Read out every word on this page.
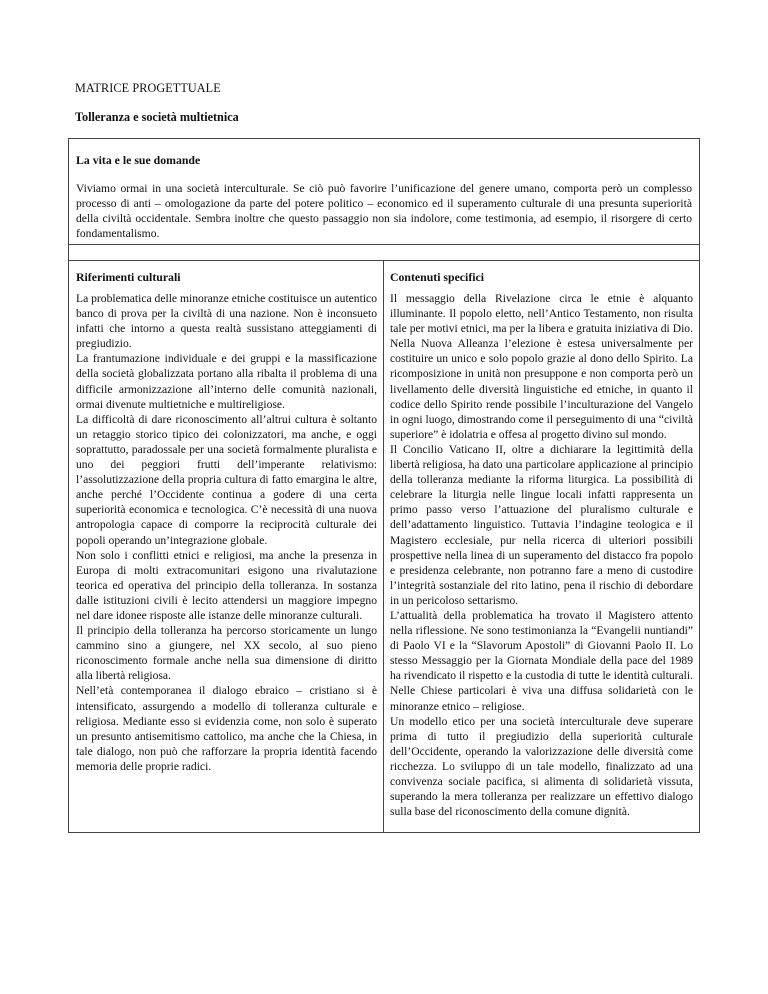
MATRICE PROGETTUALE
Tolleranza e società multietnica
La vita e le sue domande

Viviamo ormai in una società interculturale. Se ciò può favorire l’unificazione del genere umano, comporta però un complesso processo di anti – omologazione da parte del potere politico – economico ed il superamento culturale di una presunta superiorità della civiltà occidentale. Sembra inoltre che questo passaggio non sia indolore, come testimonia, ad esempio, il risorgere di certo fondamentalismo.

Riferimenti culturali

La problematica delle minoranze etniche costituisce un autentico banco di prova per la civiltà di una nazione. Non è inconsueto infatti che intorno a questa realtà sussistano atteggiamenti di pregiudizio.

La frantumazione individuale e dei gruppi e la massificazione della società globalizzata portano alla ribalta il problema di una difficile armonizzazione all’interno delle comunità nazionali, ormai divenute multietniche e multireligiose.

La difficoltà di dare riconoscimento all’altrui cultura è soltanto un retaggio storico tipico dei colonizzatori, ma anche, e oggi soprattutto, paradossale per una società formalmente pluralista e uno dei peggiori frutti dell’imperante relativismo: l’assolutizzazione della propria cultura di fatto emargina le altre, anche perché l’Occidente continua a godere di una certa superiorità economica e tecnologica. C’è necessità di una nuova antropologia capace di comporre la reciprocità culturale dei popoli operando un’integrazione globale.

Non solo i conflitti etnici e religiosi, ma anche la presenza in Europa di molti extracomunitari esigono una rivalutazione teorica ed operativa del principio della tolleranza. In sostanza dalle istituzioni civili è lecito attendersi un maggiore impegno nel dare idonee risposte alle istanze delle minoranze culturali.

Il principio della tolleranza ha percorso storicamente un lungo cammino sino a giungere, nel XX secolo, al suo pieno riconoscimento formale anche nella sua dimensione di diritto alla libertà religiosa.

Nell’età contemporanea il dialogo ebraico – cristiano si è intensificato, assurgendo a modello di tolleranza culturale e religiosa. Mediante esso si evidenzia come, non solo è superato un presunto antisemitismo cattolico, ma anche che la Chiesa, in tale dialogo, non può che rafforzare la propria identità facendo memoria delle proprie radici.

Contenuti specifici

Il messaggio della Rivelazione circa le etnie è alquanto illuminante. Il popolo eletto, nell’Antico Testamento, non risulta tale per motivi etnici, ma per la libera e gratuita iniziativa di Dio. Nella Nuova Alleanza l’elezione è estesa universalmente per costituire un unico e solo popolo grazie al dono dello Spirito. La ricomposizione in unità non presuppone e non comporta però un livellamento delle diversità linguistiche ed etniche, in quanto il codice dello Spirito rende possibile l’inculturazione del Vangelo in ogni luogo, dimostrando come il perseguimento di una “civiltà superiore” è idolatria e offesa al progetto divino sul mondo.

Il Concilio Vaticano II, oltre a dichiarare la legittimità della libertà religiosa, ha dato una particolare applicazione al principio della tolleranza mediante la riforma liturgica. La possibilità di celebrare la liturgia nelle lingue locali infatti rappresenta un primo passo verso l’attuazione del pluralismo culturale e dell’adattamento linguistico. Tuttavia l’indagine teologica e il Magistero ecclesiale, pur nella ricerca di ulteriori possibili prospettive nella linea di un superamento del distacco fra popolo e presidenza celebrante, non potranno fare a meno di custodire l’integrità sostanziale del rito latino, pena il rischio di debordare in un pericoloso settarismo.

L’attualità della problematica ha trovato il Magistero attento nella riflessione. Ne sono testimonianza la “Evangelii nuntiandi” di Paolo VI e la “Slavorum Apostoli” di Giovanni Paolo II. Lo stesso Messaggio per la Giornata Mondiale della pace del 1989 ha rivendicato il rispetto e la custodia di tutte le identità culturali. Nelle Chiese particolari è viva una diffusa solidarietà con le minoranze etnico – religiose.

Un modello etico per una società interculturale deve superare prima di tutto il pregiudizio della superiorità culturale dell’Occidente, operando la valorizzazione delle diversità come ricchezza. Lo sviluppo di un tale modello, finalizzato ad una convivenza sociale pacifica, si alimenta di solidarietà vissuta, superando la mera tolleranza per realizzare un effettivo dialogo sulla base del riconoscimento della comune dignità.
